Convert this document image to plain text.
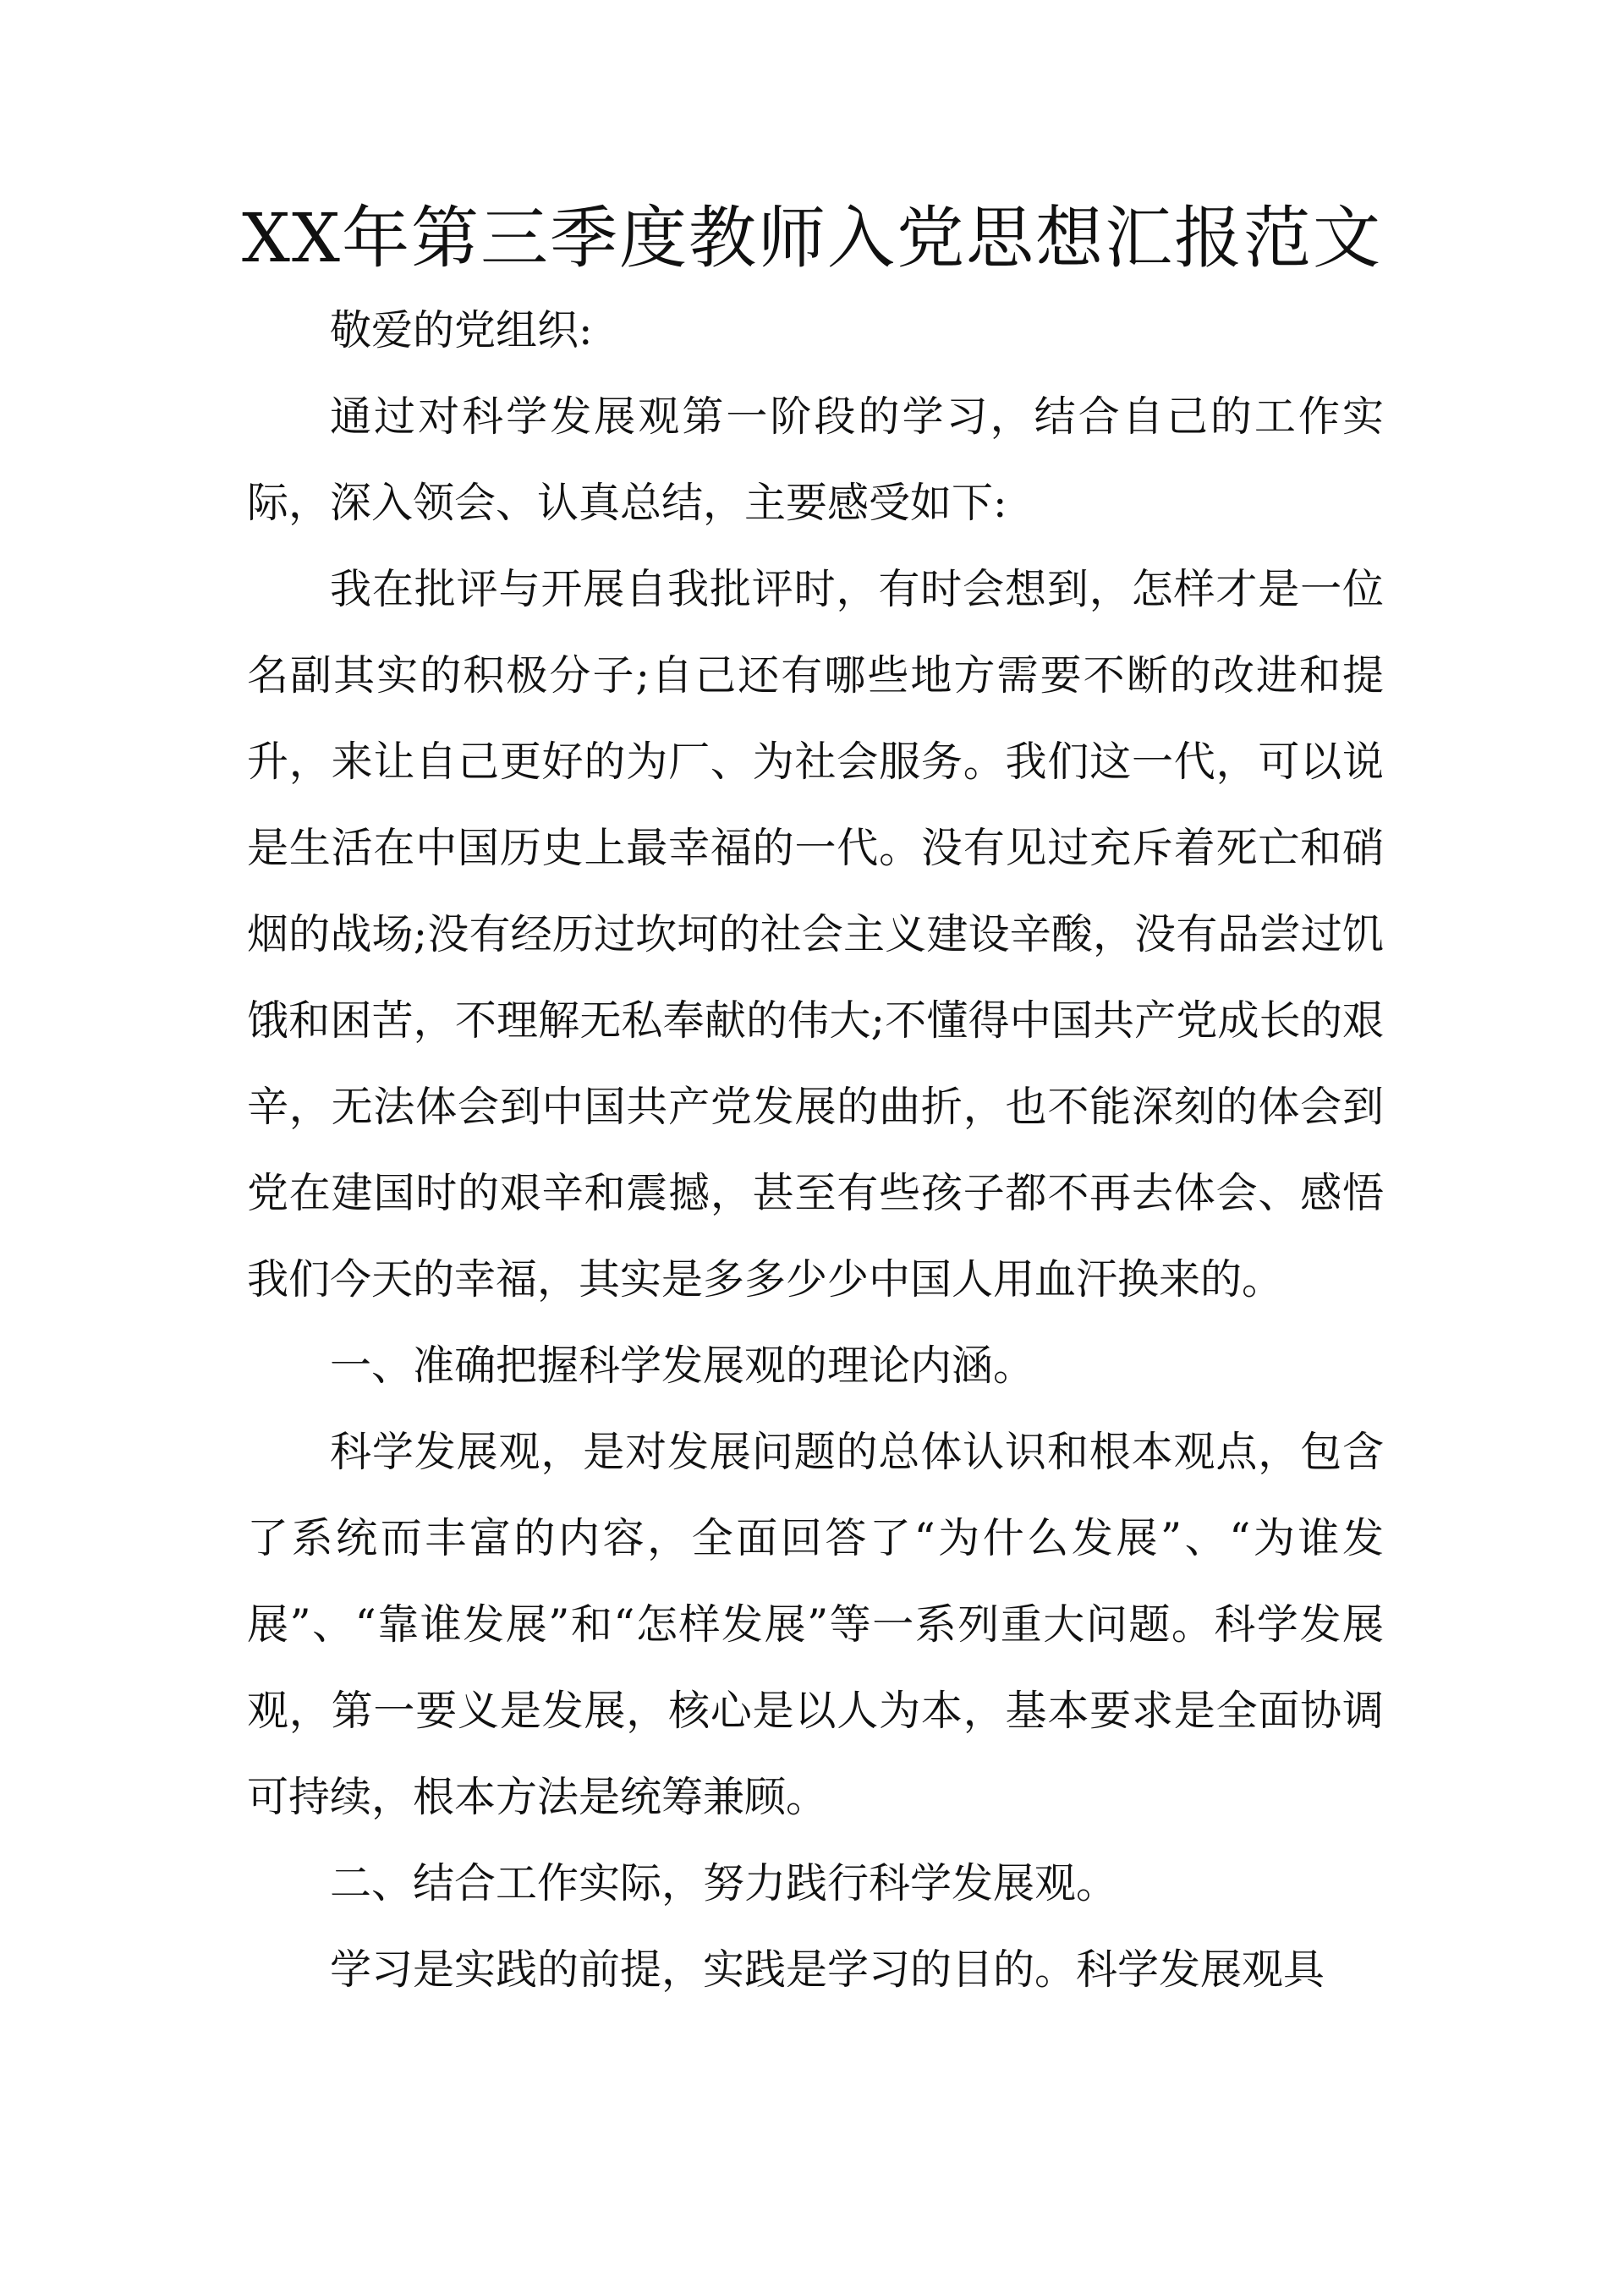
XX年第三季度教师入党思想汇报范文

敬爱的党组织:

通过对科学发展观第一阶段的学习，结合自己的工作实际，深入领会、认真总结，主要感受如下:

我在批评与开展自我批评时，有时会想到，怎样才是一位名副其实的积极分子;自己还有哪些地方需要不断的改进和提升，来让自己更好的为厂、为社会服务。我们这一代，可以说是生活在中国历史上最幸福的一代。没有见过充斥着死亡和硝烟的战场;没有经历过坎坷的社会主义建设辛酸，没有品尝过饥饿和困苦，不理解无私奉献的伟大;不懂得中国共产党成长的艰辛，无法体会到中国共产党发展的曲折，也不能深刻的体会到党在建国时的艰辛和震撼，甚至有些孩子都不再去体会、感悟我们今天的幸福，其实是多多少少中国人用血汗换来的。

一、准确把握科学发展观的理论内涵。

科学发展观，是对发展问题的总体认识和根本观点，包含了系统而丰富的内容，全面回答了“为什么发展”、“为谁发展”、“靠谁发展”和“怎样发展”等一系列重大问题。科学发展观，第一要义是发展，核心是以人为本，基本要求是全面协调可持续，根本方法是统筹兼顾。

二、结合工作实际，努力践行科学发展观。

学习是实践的前提，实践是学习的目的。科学发展观具
